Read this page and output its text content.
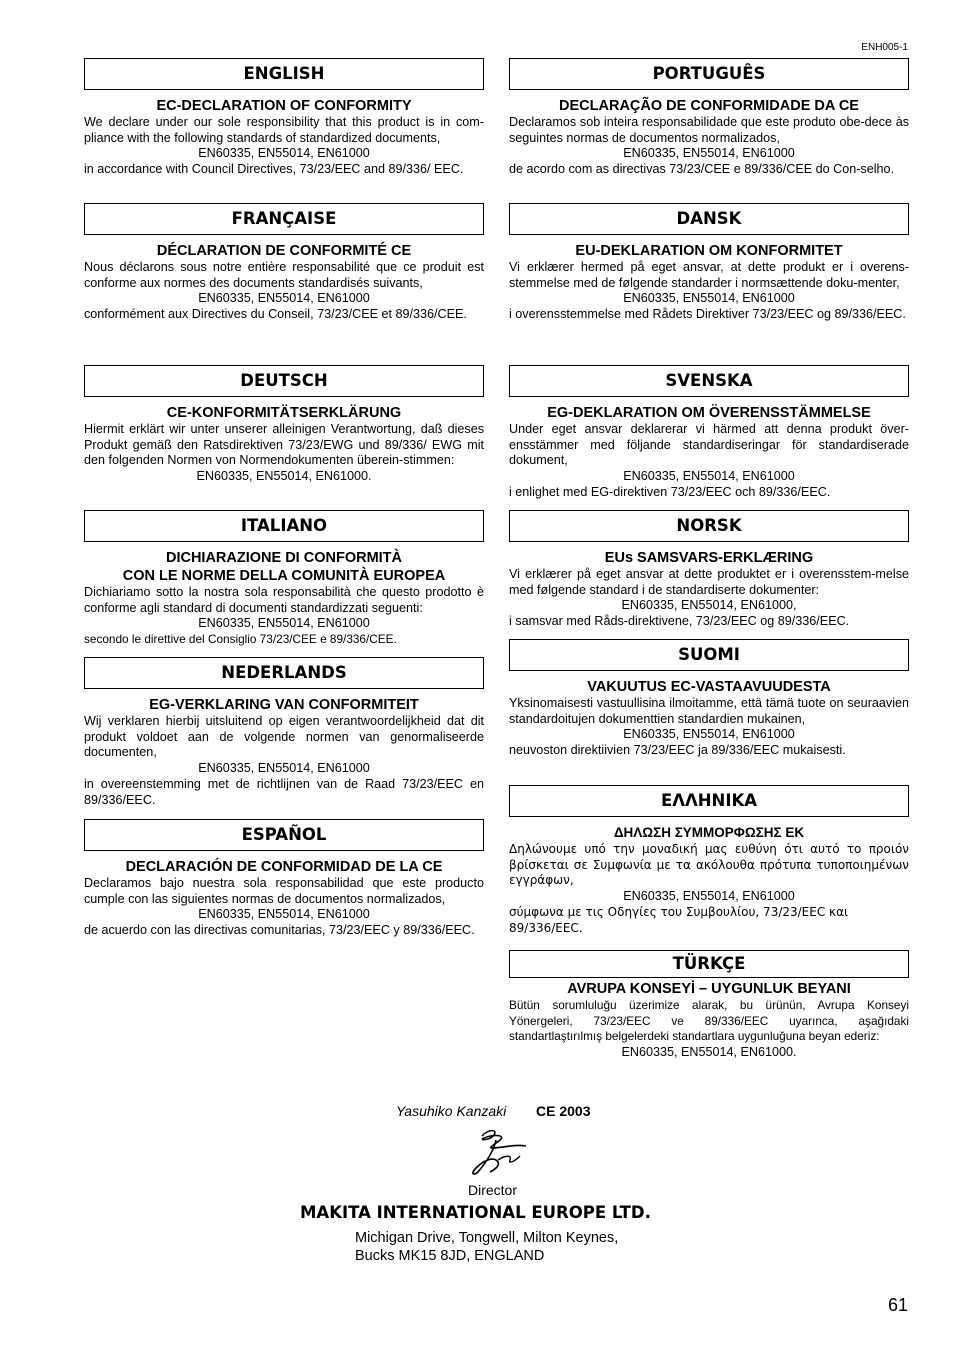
ENH005-1
ENGLISH
EC-DECLARATION OF CONFORMITY
We declare under our sole responsibility that this product is in com-pliance with the following standards of standardized documents,
EN60335, EN55014, EN61000
in accordance with Council Directives, 73/23/EEC and 89/336/ EEC.
FRANÇAISE
DÉCLARATION DE CONFORMITÉ CE
Nous déclarons sous notre entière responsabilité que ce produit est conforme aux normes des documents standardisés suivants,
EN60335, EN55014, EN61000
conformément aux Directives du Conseil, 73/23/CEE et 89/336/CEE.
DEUTSCH
CE-KONFORMITÄTSERKLÄRUNG
Hiermit erklärt wir unter unserer alleinigen Verantwortung, daß dieses Produkt gemäß den Ratsdirektiven 73/23/EWG und 89/336/ EWG mit den folgenden Normen von Normendokumenten überein-stimmen:
EN60335, EN55014, EN61000.
ITALIANO
DICHIARAZIONE DI CONFORMITÀ
CON LE NORME DELLA COMUNITÀ EUROPEA
Dichiariamo sotto la nostra sola responsabilità che questo prodotto è conforme agli standard di documenti standardizzati seguenti:
EN60335, EN55014, EN61000
secondo le direttive del Consiglio 73/23/CEE e 89/336/CEE.
NEDERLANDS
EG-VERKLARING VAN CONFORMITEIT
Wij verklaren hierbij uitsluitend op eigen verantwoordelijkheid dat dit produkt voldoet aan de volgende normen van genormaliseerde documenten,
EN60335, EN55014, EN61000
in overeenstemming met de richtlijnen van de Raad 73/23/EEC en 89/336/EEC.
ESPAÑOL
DECLARACIÓN DE CONFORMIDAD DE LA CE
Declaramos bajo nuestra sola responsabilidad que este producto cumple con las siguientes normas de documentos normalizados,
EN60335, EN55014, EN61000
de acuerdo con las directivas comunitarias, 73/23/EEC y 89/336/EEC.
PORTUGUÊS
DECLARAÇÃO DE CONFORMIDADE DA CE
Declaramos sob inteira responsabilidade que este produto obe-dece às seguintes normas de documentos normalizados,
EN60335, EN55014, EN61000
de acordo com as directivas 73/23/CEE e 89/336/CEE do Con-selho.
DANSK
EU-DEKLARATION OM KONFORMITET
Vi erklærer hermed på eget ansvar, at dette produkt er i overens-stemmelse med de følgende standarder i normsættende doku-menter,
EN60335, EN55014, EN61000
i overensstemmelse med Rådets Direktiver 73/23/EEC og 89/336/EEC.
SVENSKA
EG-DEKLARATION OM ÖVERENSSTÄMMELSE
Under eget ansvar deklarerar vi härmed att denna produkt över-ensstämmer med följande standardiseringar för standardiserade dokument,
EN60335, EN55014, EN61000
i enlighet med EG-direktiven 73/23/EEC och 89/336/EEC.
NORSK
EUs SAMSVARS-ERKLÆRING
Vi erklærer på eget ansvar at dette produktet er i overensstem-melse med følgende standard i de standardiserte dokumenter:
EN60335, EN55014, EN61000,
i samsvar med Råds-direktivene, 73/23/EEC og 89/336/EEC.
SUOMI
VAKUUTUS EC-VASTAAVUUDESTA
Yksinomaisesti vastuullisina ilmoitamme, että tämä tuote on seuraavien standardoitujen dokumenttien standardien mukainen,
EN60335, EN55014, EN61000
neuvoston direktiivien 73/23/EEC ja 89/336/EEC mukaisesti.
ΕΛΛΗΝΙΚΑ
ΔΗΛΩΣΗ ΣΥΜΜΟΡΦΩΣΗΣ ΕΚ
Δηλώνουμε υπό την μοναδική μας ευθύνη ότι αυτό το προιόν βρίσκεται σε Συμφωνία με τα ακόλουθα πρότυπα τυποποιημένων εγγράφων,
EN60335, EN55014, EN61000
σύμφωνα με τις Οδηγίες του Συμβουλίου, 73/23/EEC και 89/336/EEC.
TÜRKÇE
AVRUPA KONSEYİ – UYGUNLUK BEYANI
Bütün sorumluluğu üzerimize alarak, bu ürünün, Avrupa Konseyi Yönergeleri, 73/23/EEC ve 89/336/EEC uyarınca, aşağıdaki standartlaştırılmış belgelerdeki standartlara uygunluğuna beyan ederiz:
EN60335, EN55014, EN61000.
Yasuhiko Kanzaki CE 2003
Director
MAKITA INTERNATIONAL EUROPE LTD.
Michigan Drive, Tongwell, Milton Keynes,
Bucks MK15 8JD, ENGLAND
61
